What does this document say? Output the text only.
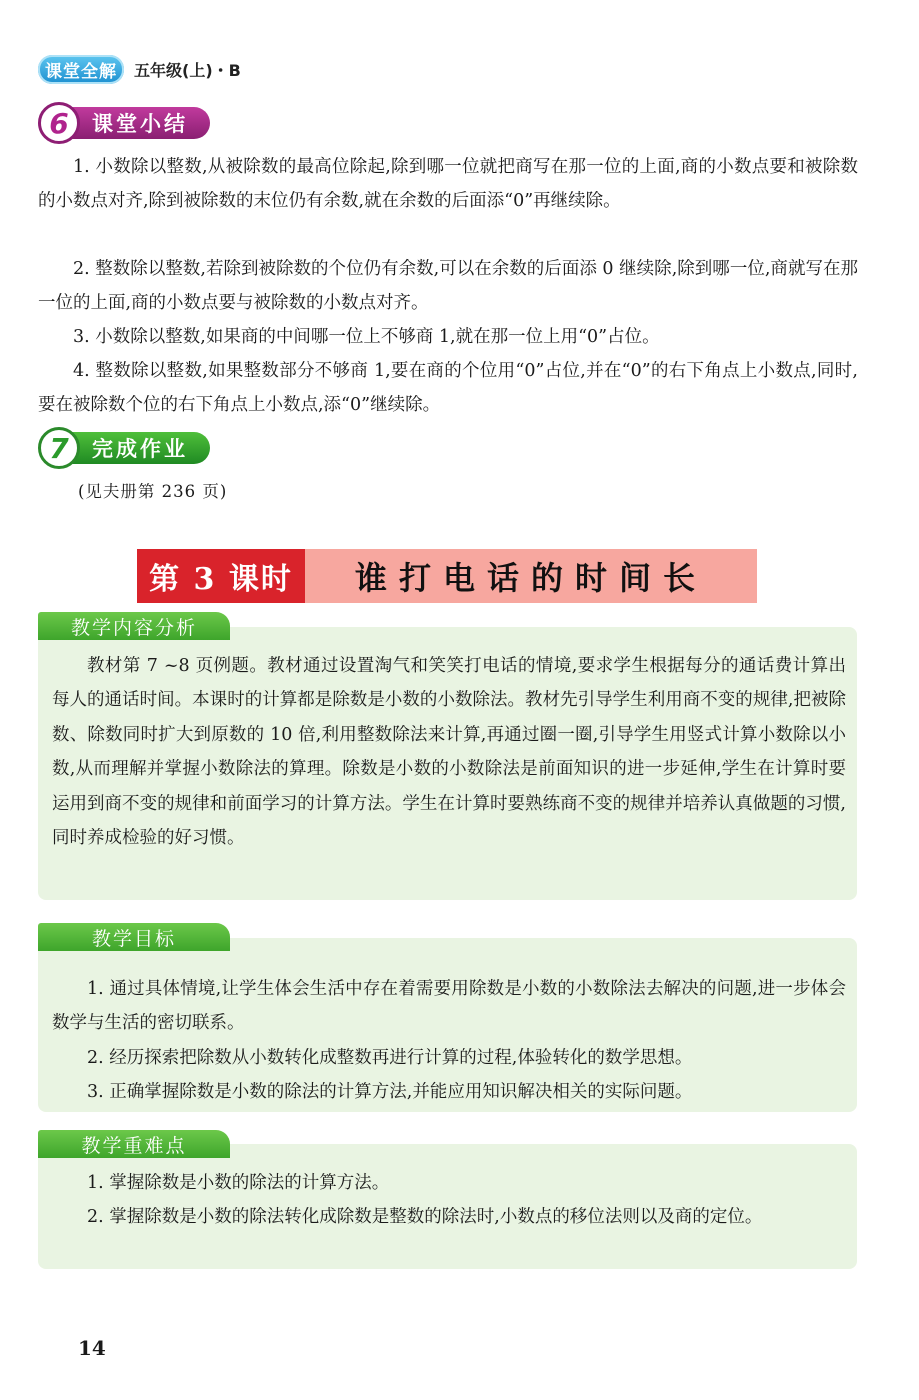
课堂全解	五年级(上)・B
6	课堂小结

1. 小数除以整数,从被除数的最高位除起,除到哪一位就把商写在那一位的上面,商的小数点要和被除数的小数点对齐,除到被除数的末位仍有余数,就在余数的后面添“0”再继续除。

2. 整数除以整数,若除到被除数的个位仍有余数,可以在余数的后面添 0 继续除,除到哪一位,商就写在那一位的上面,商的小数点要与被除数的小数点对齐。

3. 小数除以整数,如果商的中间哪一位上不够商 1,就在那一位上用“0”占位。

4. 整数除以整数,如果整数部分不够商 1,要在商的个位用“0”占位,并在“0”的右下角点上小数点,同时,要在被除数个位的右下角点上小数点,添“0”继续除。

7	完成作业
(见夫册第 236 页)
第 3 课时	谁打电话的时间长
教学内容分析

教材第 7 ~8 页例题。教材通过设置淘气和笑笑打电话的情境,要求学生根据每分的通话费计算出每人的通话时间。本课时的计算都是除数是小数的小数除法。教材先引导学生利用商不变的规律,把被除数、除数同时扩大到原数的 10 倍,利用整数除法来计算,再通过圈一圈,引导学生用竖式计算小数除以小数,从而理解并掌握小数除法的算理。除数是小数的小数除法是前面知识的进一步延伸,学生在计算时要运用到商不变的规律和前面学习的计算方法。学生在计算时要熟练商不变的规律并培养认真做题的习惯,同时养成检验的好习惯。

教学目标

1. 通过具体情境,让学生体会生活中存在着需要用除数是小数的小数除法去解决的问题,进一步体会数学与生活的密切联系。

2. 经历探索把除数从小数转化成整数再进行计算的过程,体验转化的数学思想。

3. 正确掌握除数是小数的除法的计算方法,并能应用知识解决相关的实际问题。

教学重难点

1. 掌握除数是小数的除法的计算方法。

2. 掌握除数是小数的除法转化成除数是整数的除法时,小数点的移位法则以及商的定位。

14
